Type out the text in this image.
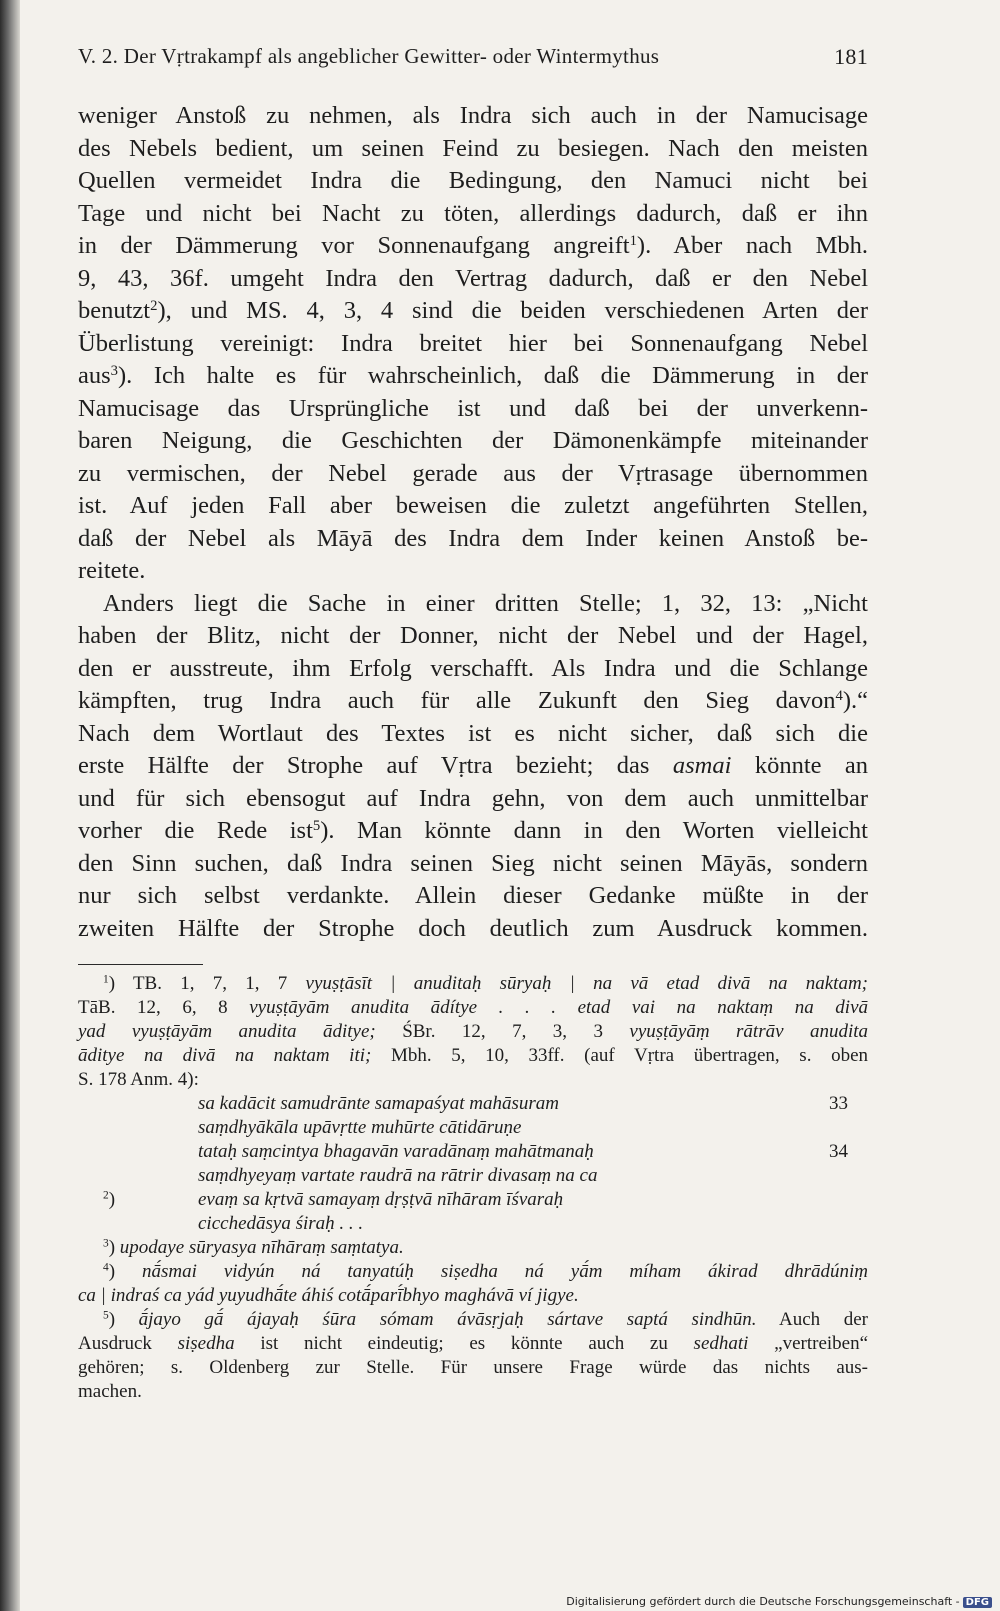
V. 2. Der Vṛtrakampf als angeblicher Gewitter- oder Wintermythus	181
weniger Anstoß zu nehmen, als Indra sich auch in der Namucisage
des Nebels bedient, um seinen Feind zu besiegen. Nach den meisten
Quellen vermeidet Indra die Bedingung, den Namuci nicht bei
Tage und nicht bei Nacht zu töten, allerdings dadurch, daß er ihn
in der Dämmerung vor Sonnenaufgang angreift$^1$). Aber nach Mbh.
9, 43, 36f. umgeht Indra den Vertrag dadurch, daß er den Nebel
benutzt$^2$), und MS. 4, 3, 4 sind die beiden verschiedenen Arten der
Überlistung vereinigt: Indra breitet hier bei Sonnenaufgang Nebel
aus$^3$). Ich halte es für wahrscheinlich, daß die Dämmerung in der
Namucisage das Ursprüngliche ist und daß bei der unverkenn-
baren Neigung, die Geschichten der Dämonenkämpfe miteinander
zu vermischen, der Nebel gerade aus der Vṛtrasage übernommen
ist. Auf jeden Fall aber beweisen die zuletzt angeführten Stellen,
daß der Nebel als Māyā des Indra dem Inder keinen Anstoß be-
reitete.
Anders liegt die Sache in einer dritten Stelle; 1, 32, 13: „Nicht
haben der Blitz, nicht der Donner, nicht der Nebel und der Hagel,
den er ausstreute, ihm Erfolg verschafft. Als Indra und die Schlange
kämpften, trug Indra auch für alle Zukunft den Sieg davon$^4$).“
Nach dem Wortlaut des Textes ist es nicht sicher, daß sich die
erste Hälfte der Strophe auf Vṛtra bezieht; das asmai könnte an
und für sich ebensogut auf Indra gehn, von dem auch unmittelbar
vorher die Rede ist$^5$). Man könnte dann in den Worten vielleicht
den Sinn suchen, daß Indra seinen Sieg nicht seinen Māyās, sondern
nur sich selbst verdankte. Allein dieser Gedanke müßte in der
zweiten Hälfte der Strophe doch deutlich zum Ausdruck kommen.
$^1$) TB. 1, 7, 1, 7 vyuṣṭāsīt | anuditaḥ sūryaḥ | na vā etad divā na naktam;
TāB. 12, 6, 8 vyuṣṭāyām anudita ādítye . . . etad vai na naktaṃ na divā
yad vyuṣṭāyām anudita āditye; ŚBr. 12, 7, 3, 3 vyuṣṭāyāṃ rātrāv anudita
āditye na divā na naktam iti; Mbh. 5, 10, 33ff. (auf Vṛtra übertragen, s. oben
S. 178 Anm. 4):
sa kadācit samudrānte samapaśyat mahāsuram	33
saṃdhyākāla upāvṛtte muhūrte cātidāruṇe
tataḥ saṃcintya bhagavān varadānaṃ mahātmanaḥ	34
saṃdhyeyaṃ vartate raudrā na rātrir divasaṃ na ca
$^2$)	evaṃ sa kṛtvā samayaṃ dṛṣṭvā nīhāram īśvaraḥ
cicchedāsya śiraḥ . . .
$^3$) upodaye sūryasya nīhāraṃ saṃtatya.
$^4$) nā́smai vidyún ná tanyatúḥ siṣedha ná yā́m míham ákirad dhrādúniṃ
ca | indraś ca yád yuyudhā́te áhiś cotā́parī́bhyo maghávā ví jigye.
$^5$) ā́jayo gā́ ájayaḥ śūra sómam ávāsṛjaḥ sártave saptá sindhūn. Auch der
Ausdruck siṣedha ist nicht eindeutig; es könnte auch zu sedhati „vertreiben“
gehören; s. Oldenberg zur Stelle. Für unsere Frage würde das nichts aus-
machen.
Digitalisierung gefördert durch die Deutsche Forschungsgemeinschaft - DFG
